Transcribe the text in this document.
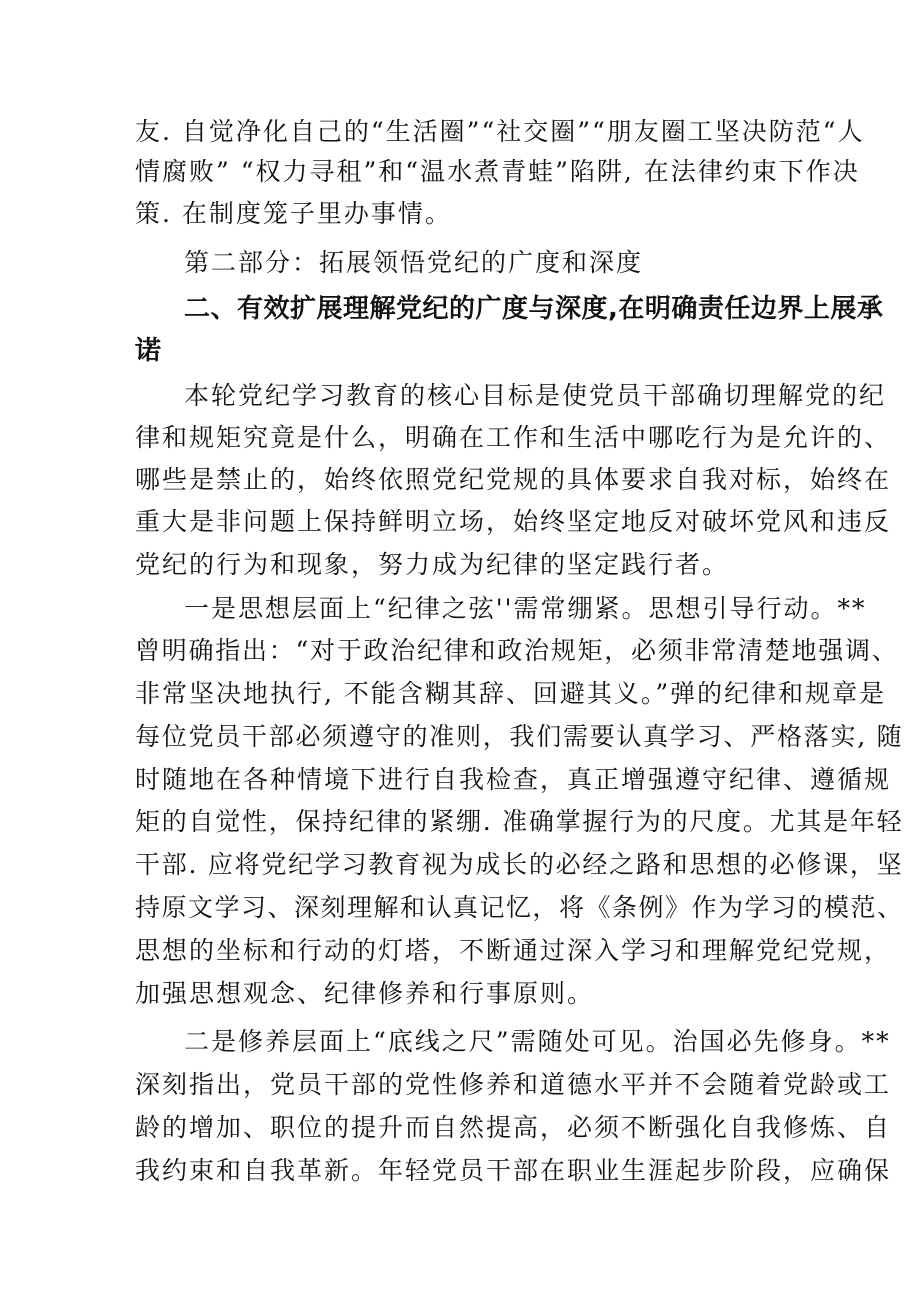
友. 自觉净化自己的“生活圈”“社交圈”“朋友圈工坚决防范“人
情腐败” “权力寻租”和“温水煮青蛙”陷阱, 在法律约束下作决
策. 在制度笼子里办事情。
第二部分：拓展领悟党纪的广度和深度
二、有效扩展理解党纪的广度与深度,在明确责任边界上展承
诺
本轮党纪学习教育的核心目标是使党员干部确切理解党的纪
律和规矩究竟是什么，明确在工作和生活中哪吃行为是允许的、
哪些是禁止的，始终依照党纪党规的具体要求自我对标，始终在
重大是非问题上保持鲜明立场，始终坚定地反对破坏党风和违反
党纪的行为和现象，努力成为纪律的坚定践行者。
一是思想层面上“纪律之弦''需常绷紧。思想引导行动。**
曾明确指出：“对于政治纪律和政治规矩，必须非常清楚地强调、
非常坚决地执行, 不能含糊其辞、回避其义。”弹的纪律和规章是
每位党员干部必须遵守的准则，我们需要认真学习、严格落实, 随
时随地在各种情境下进行自我检查，真正增强遵守纪律、遵循规
矩的自觉性，保持纪律的紧绷. 准确掌握行为的尺度。尤其是年轻
干部. 应将党纪学习教育视为成长的必经之路和思想的必修课，坚
持原文学习、深刻理解和认真记忆，将《条例》作为学习的模范、
思想的坐标和行动的灯塔，不断通过深入学习和理解党纪党规，
加强思想观念、纪律修养和行事原则。
二是修养层面上“底线之尺”需随处可见。治国必先修身。**
深刻指出，党员干部的党性修养和道德水平并不会随着党龄或工
龄的增加、职位的提升而自然提高，必须不断强化自我修炼、自
我约束和自我革新。年轻党员干部在职业生涯起步阶段，应确保
